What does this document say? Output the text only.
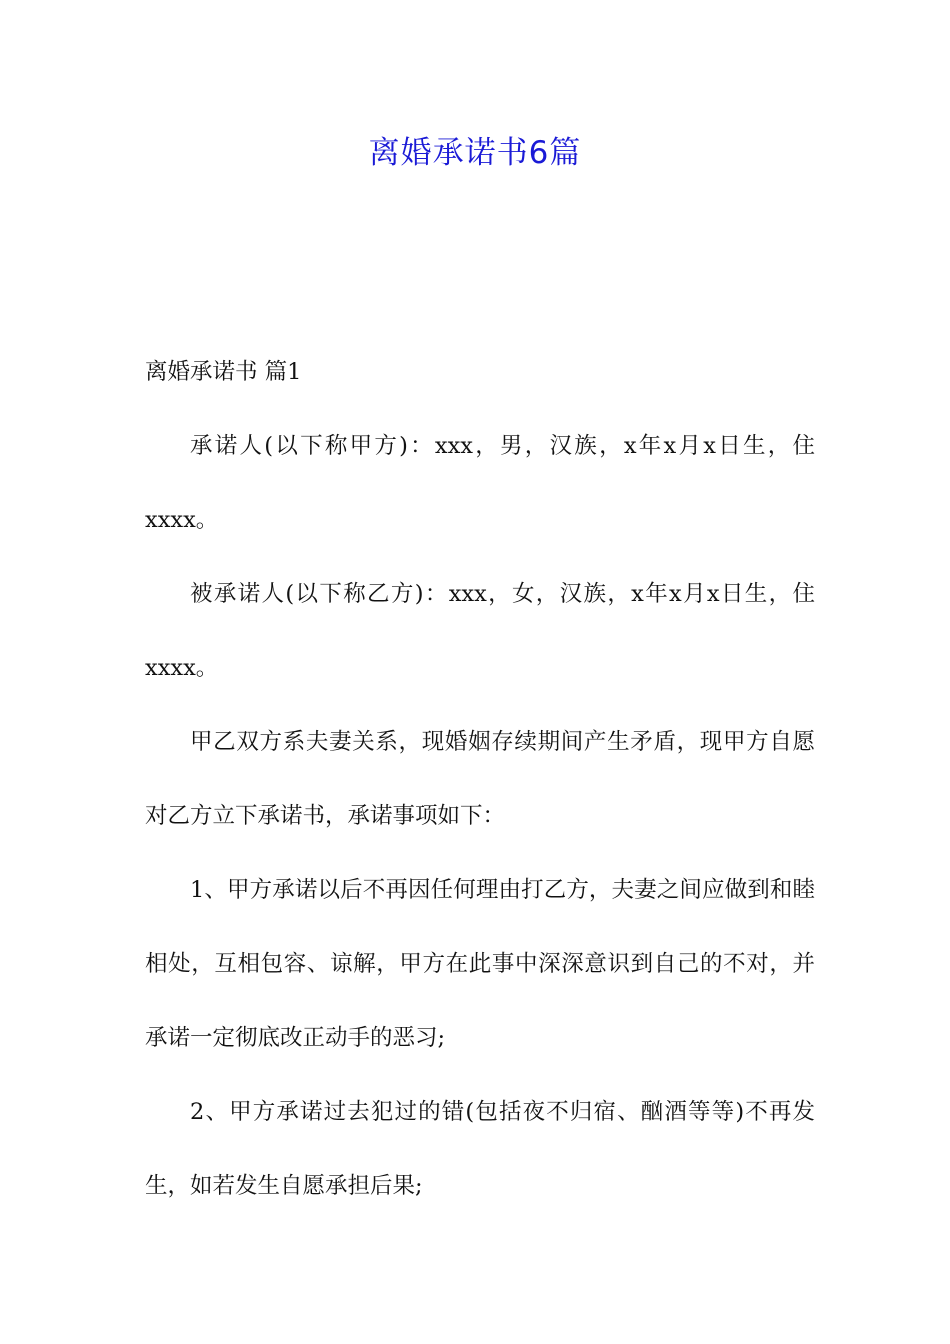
离婚承诺书6篇

离婚承诺书 篇1

承诺人(以下称甲方)：xxx，男，汉族，x年x月x日生，住xxxx。

被承诺人(以下称乙方)：xxx，女，汉族，x年x月x日生，住xxxx。

甲乙双方系夫妻关系，现婚姻存续期间产生矛盾，现甲方自愿对乙方立下承诺书，承诺事项如下：

1、甲方承诺以后不再因任何理由打乙方，夫妻之间应做到和睦相处，互相包容、谅解，甲方在此事中深深意识到自己的不对，并承诺一定彻底改正动手的恶习;

2、甲方承诺过去犯过的错(包括夜不归宿、酗酒等等)不再发生，如若发生自愿承担后果;
